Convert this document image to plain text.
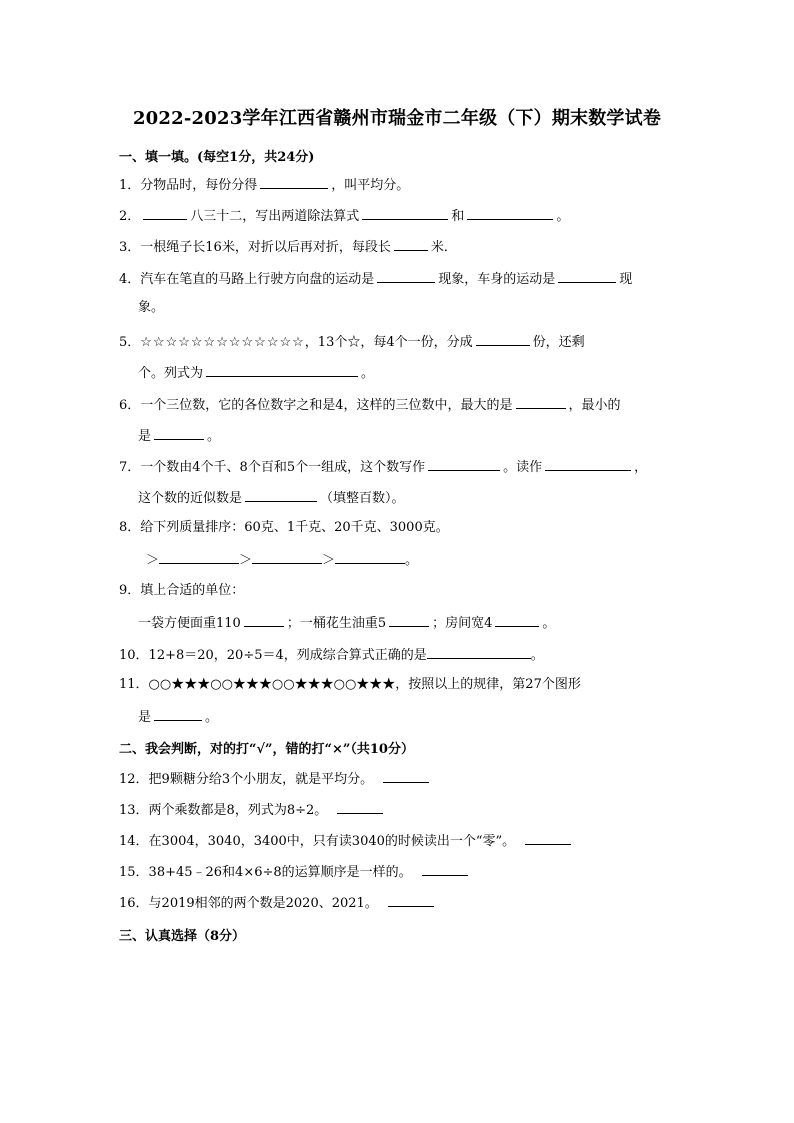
2022-2023学年江西省赣州市瑞金市二年级（下）期末数学试卷
一、填一填。(每空1分，共24分)
1．分物品时，每份分得	，叫平均分。
2．	八三十二，写出两道除法算式	和	。
3．一根绳子长16米，对折以后再对折，每段长	米．
4．汽车在笔直的马路上行驶方向盘的运动是	现象，车身的运动是	现
象。
5．☆☆☆☆☆☆☆☆☆☆☆☆☆，13个☆，每4个一份，分成	份，还剩
个。列式为	。
6．一个三位数，它的各位数字之和是4，这样的三位数中，最大的是	，最小的
是	。
7．一个数由4个千、8个百和5个一组成，这个数写作	。读作	，
这个数的近似数是	（填整百数）。
8．给下列质量排序：60克、1千克、20千克、3000克。
＞	＞	＞	。
9．填上合适的单位：
一袋方便面重110	；一桶花生油重5	；房间宽4	。
10．12+8＝20，20÷5＝4，列成综合算式正确的是	。
11．○○★★★○○★★★○○★★★○○★★★，按照以上的规律，第27个图形
是	。
二、我会判断，对的打“√”，错的打“×”（共10分）
12．把9颗糖分给3个小朋友，就是平均分。
13．两个乘数都是8，列式为8÷2。
14．在3004，3040，3400中，只有读3040的时候读出一个“零”。
15．38+45﹣26和4×6÷8的运算顺序是一样的。
16．与2019相邻的两个数是2020、2021。
三、认真选择（8分）
